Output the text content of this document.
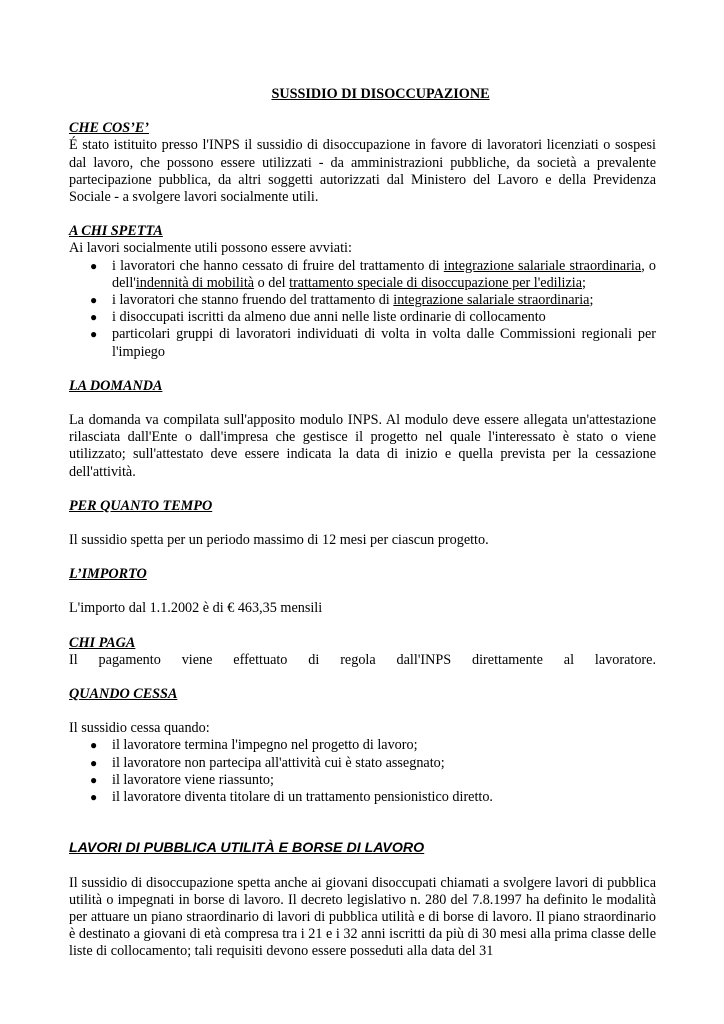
SUSSIDIO DI DISOCCUPAZIONE

CHE COS’E’

É stato istituito presso l'INPS il sussidio di disoccupazione in favore di lavoratori licenziati o sospesi dal lavoro, che possono essere utilizzati - da amministrazioni pubbliche, da società a prevalente partecipazione pubblica, da altri soggetti autorizzati dal Ministero del Lavoro e della Previdenza Sociale - a svolgere lavori socialmente utili.

A CHI SPETTA

Ai lavori socialmente utili possono essere avviati:

● i lavoratori che hanno cessato di fruire del trattamento di integrazione salariale straordinaria, o dell'indennità di mobilità o del trattamento speciale di disoccupazione per l'edilizia;
● i lavoratori che stanno fruendo del trattamento di integrazione salariale straordinaria;
● i disoccupati iscritti da almeno due anni nelle liste ordinarie di collocamento
● particolari gruppi di lavoratori individuati di volta in volta dalle Commissioni regionali per l'impiego

LA DOMANDA

La domanda va compilata sull'apposito modulo INPS. Al modulo deve essere allegata un'attestazione rilasciata dall'Ente o dall'impresa che gestisce il progetto nel quale l'interessato è stato o viene utilizzato; sull'attestato deve essere indicata la data di inizio e quella prevista per la cessazione dell'attività.

PER QUANTO TEMPO

Il sussidio spetta per un periodo massimo di 12 mesi per ciascun progetto.

L’IMPORTO

L'importo dal 1.1.2002 è di € 463,35 mensili

CHI PAGA

Il pagamento viene effettuato di regola dall'INPS direttamente al lavoratore.

QUANDO CESSA

Il sussidio cessa quando:

● il lavoratore termina l'impegno nel progetto di lavoro;
● il lavoratore non partecipa all'attività cui è stato assegnato;
● il lavoratore viene riassunto;
● il lavoratore diventa titolare di un trattamento pensionistico diretto.

LAVORI DI PUBBLICA UTILITÀ E BORSE DI LAVORO

Il sussidio di disoccupazione spetta anche ai giovani disoccupati chiamati a svolgere lavori di pubblica utilità o impegnati in borse di lavoro. Il decreto legislativo n. 280 del 7.8.1997 ha definito le modalità per attuare un piano straordinario di lavori di pubblica utilità e di borse di lavoro. Il piano straordinario è destinato a giovani di età compresa tra i 21 e i 32 anni iscritti da più di 30 mesi alla prima classe delle liste di collocamento; tali requisiti devono essere posseduti alla data del 31
